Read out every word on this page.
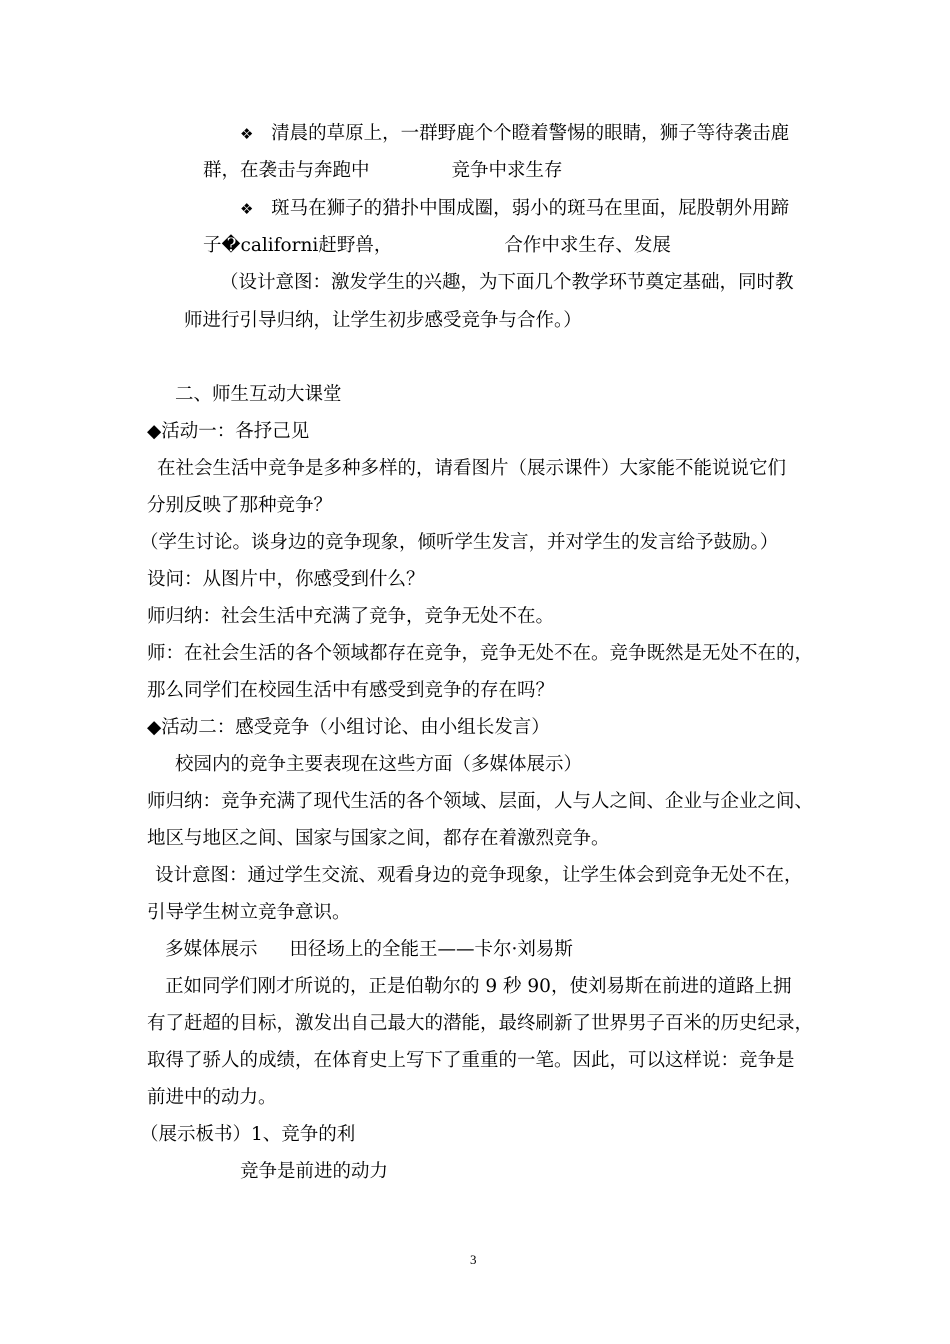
❖ 清晨的草原上，一群野鹿个个瞪着警惕的眼睛，狮子等待袭击鹿
群，在袭击与奔跑中	竞争中求生存
❖ 斑马在狮子的猎扑中围成圈，弱小的斑马在里面，屁股朝外用蹄
子�californi赶野兽，	合作中求生存、发展
（设计意图：激发学生的兴趣，为下面几个教学环节奠定基础，同时教
师进行引导归纳，让学生初步感受竞争与合作。）
二、师生互动大课堂
◆活动一：各抒己见
在社会生活中竞争是多种多样的，请看图片（展示课件）大家能不能说说它们
分别反映了那种竞争？
（学生讨论。谈身边的竞争现象，倾听学生发言，并对学生的发言给予鼓励。）
设问：从图片中，你感受到什么？
师归纳：社会生活中充满了竞争，竞争无处不在。
师：在社会生活的各个领域都存在竞争，竞争无处不在。竞争既然是无处不在的，
那么同学们在校园生活中有感受到竞争的存在吗？
◆活动二：感受竞争（小组讨论、由小组长发言）
校园内的竞争主要表现在这些方面（多媒体展示）
师归纳：竞争充满了现代生活的各个领域、层面，人与人之间、企业与企业之间、
地区与地区之间、国家与国家之间，都存在着激烈竞争。
设计意图：通过学生交流、观看身边的竞争现象，让学生体会到竞争无处不在，
引导学生树立竞争意识。
多媒体展示 田径场上的全能王——卡尔·刘易斯
正如同学们刚才所说的，正是伯勒尔的 9 秒 90，使刘易斯在前进的道路上拥
有了赶超的目标，激发出自己最大的潜能，最终刷新了世界男子百米的历史纪录，
取得了骄人的成绩，在体育史上写下了重重的一笔。因此，可以这样说：竞争是
前进中的动力。
（展示板书）1、竞争的利
竞争是前进的动力
3
